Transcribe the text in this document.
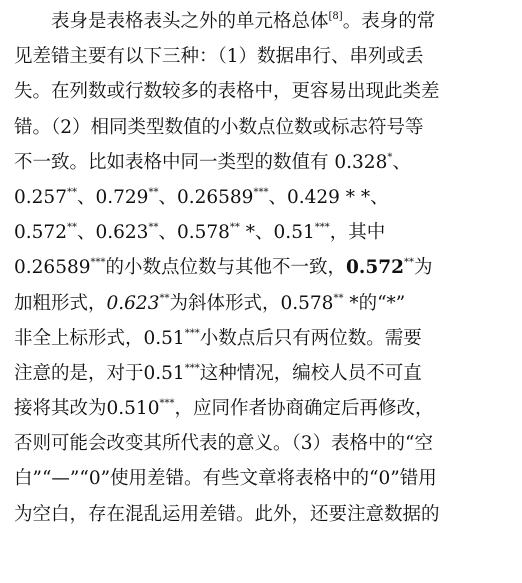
表身是表格表头之外的单元格总体[8]。表身的常
见差错主要有以下三种：（1）数据串行、串列或丢
失。在列数或行数较多的表格中，更容易出现此类差
错。（2）相同类型数值的小数点位数或标志符号等
不一致。比如表格中同一类型的数值有 0.328*、
0.257**、0.729**、0.26589***、0.429 * *、
0.572**、0.623**、0.578** *、0.51***，其中
0.26589***的小数点位数与其他不一致，0.572**为
加粗形式，0.623**为斜体形式，0.578** *的“*”
非全上标形式，0.51***小数点后只有两位数。需要
注意的是，对于0.51***这种情况，编校人员不可直
接将其改为0.510***，应同作者协商确定后再修改，
否则可能会改变其所代表的意义。（3）表格中的“空
白”“—”“0”使用差错。有些文章将表格中的“0”错用
为空白，存在混乱运用差错。此外，还要注意数据的
